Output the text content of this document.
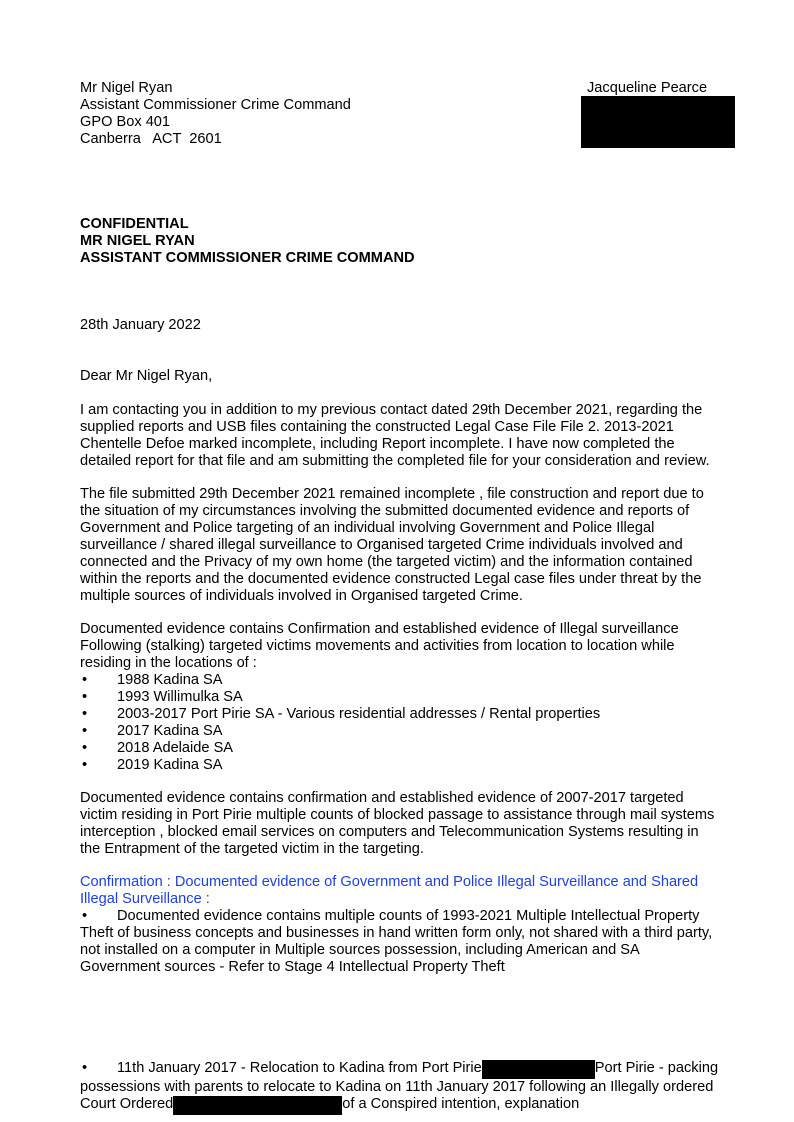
Mr Nigel Ryan
Assistant Commissioner Crime Command
GPO Box 401
Canberra   ACT  2601
Jacqueline Pearce
CONFIDENTIAL
MR NIGEL RYAN
ASSISTANT COMMISSIONER CRIME COMMAND
28th January 2022
Dear Mr Nigel Ryan,
I am contacting you in addition to my previous contact dated 29th December 2021, regarding the supplied reports and USB files containing the constructed Legal Case File File 2. 2013-2021 Chentelle Defoe marked incomplete, including Report incomplete. I have now completed the detailed report for that file and am submitting the completed file for your consideration and review.
The file submitted 29th December 2021 remained incomplete , file construction and report due to the situation of my circumstances involving the submitted documented evidence and reports of Government and Police targeting of an individual involving Government and Police Illegal surveillance / shared illegal surveillance to Organised targeted Crime individuals involved and connected and the Privacy of my own home (the targeted victim) and the information contained within the reports and the documented evidence constructed Legal case files under threat by the multiple sources of individuals involved in Organised targeted Crime.
Documented evidence contains Confirmation and established evidence of Illegal surveillance Following (stalking) targeted victims movements and activities from location to location while residing in the locations of :
• 1988 Kadina SA
• 1993 Willimulka SA
• 2003-2017 Port Pirie SA - Various residential addresses / Rental properties
• 2017 Kadina SA
• 2018 Adelaide SA
• 2019 Kadina SA
Documented evidence contains confirmation and established evidence of 2007-2017 targeted victim residing in Port Pirie multiple counts of blocked passage to assistance through mail systems interception , blocked email services on computers and Telecommunication Systems resulting in the Entrapment of the targeted victim in the targeting.
Confirmation : Documented evidence of Government and Police Illegal Surveillance and Shared Illegal Surveillance :
• Documented evidence contains multiple counts of 1993-2021 Multiple Intellectual Property Theft of business concepts and businesses in hand written form only, not shared with a third party, not installed on a computer in Multiple sources possession, including American and SA Government sources - Refer to Stage 4 Intellectual Property Theft
• 11th January 2017 - Relocation to Kadina from Port Pirie	Port Pirie - packing possessions with parents to relocate to Kadina on 11th January 2017 following an Illegally ordered Court Ordered	of a Conspired intention, explanation
